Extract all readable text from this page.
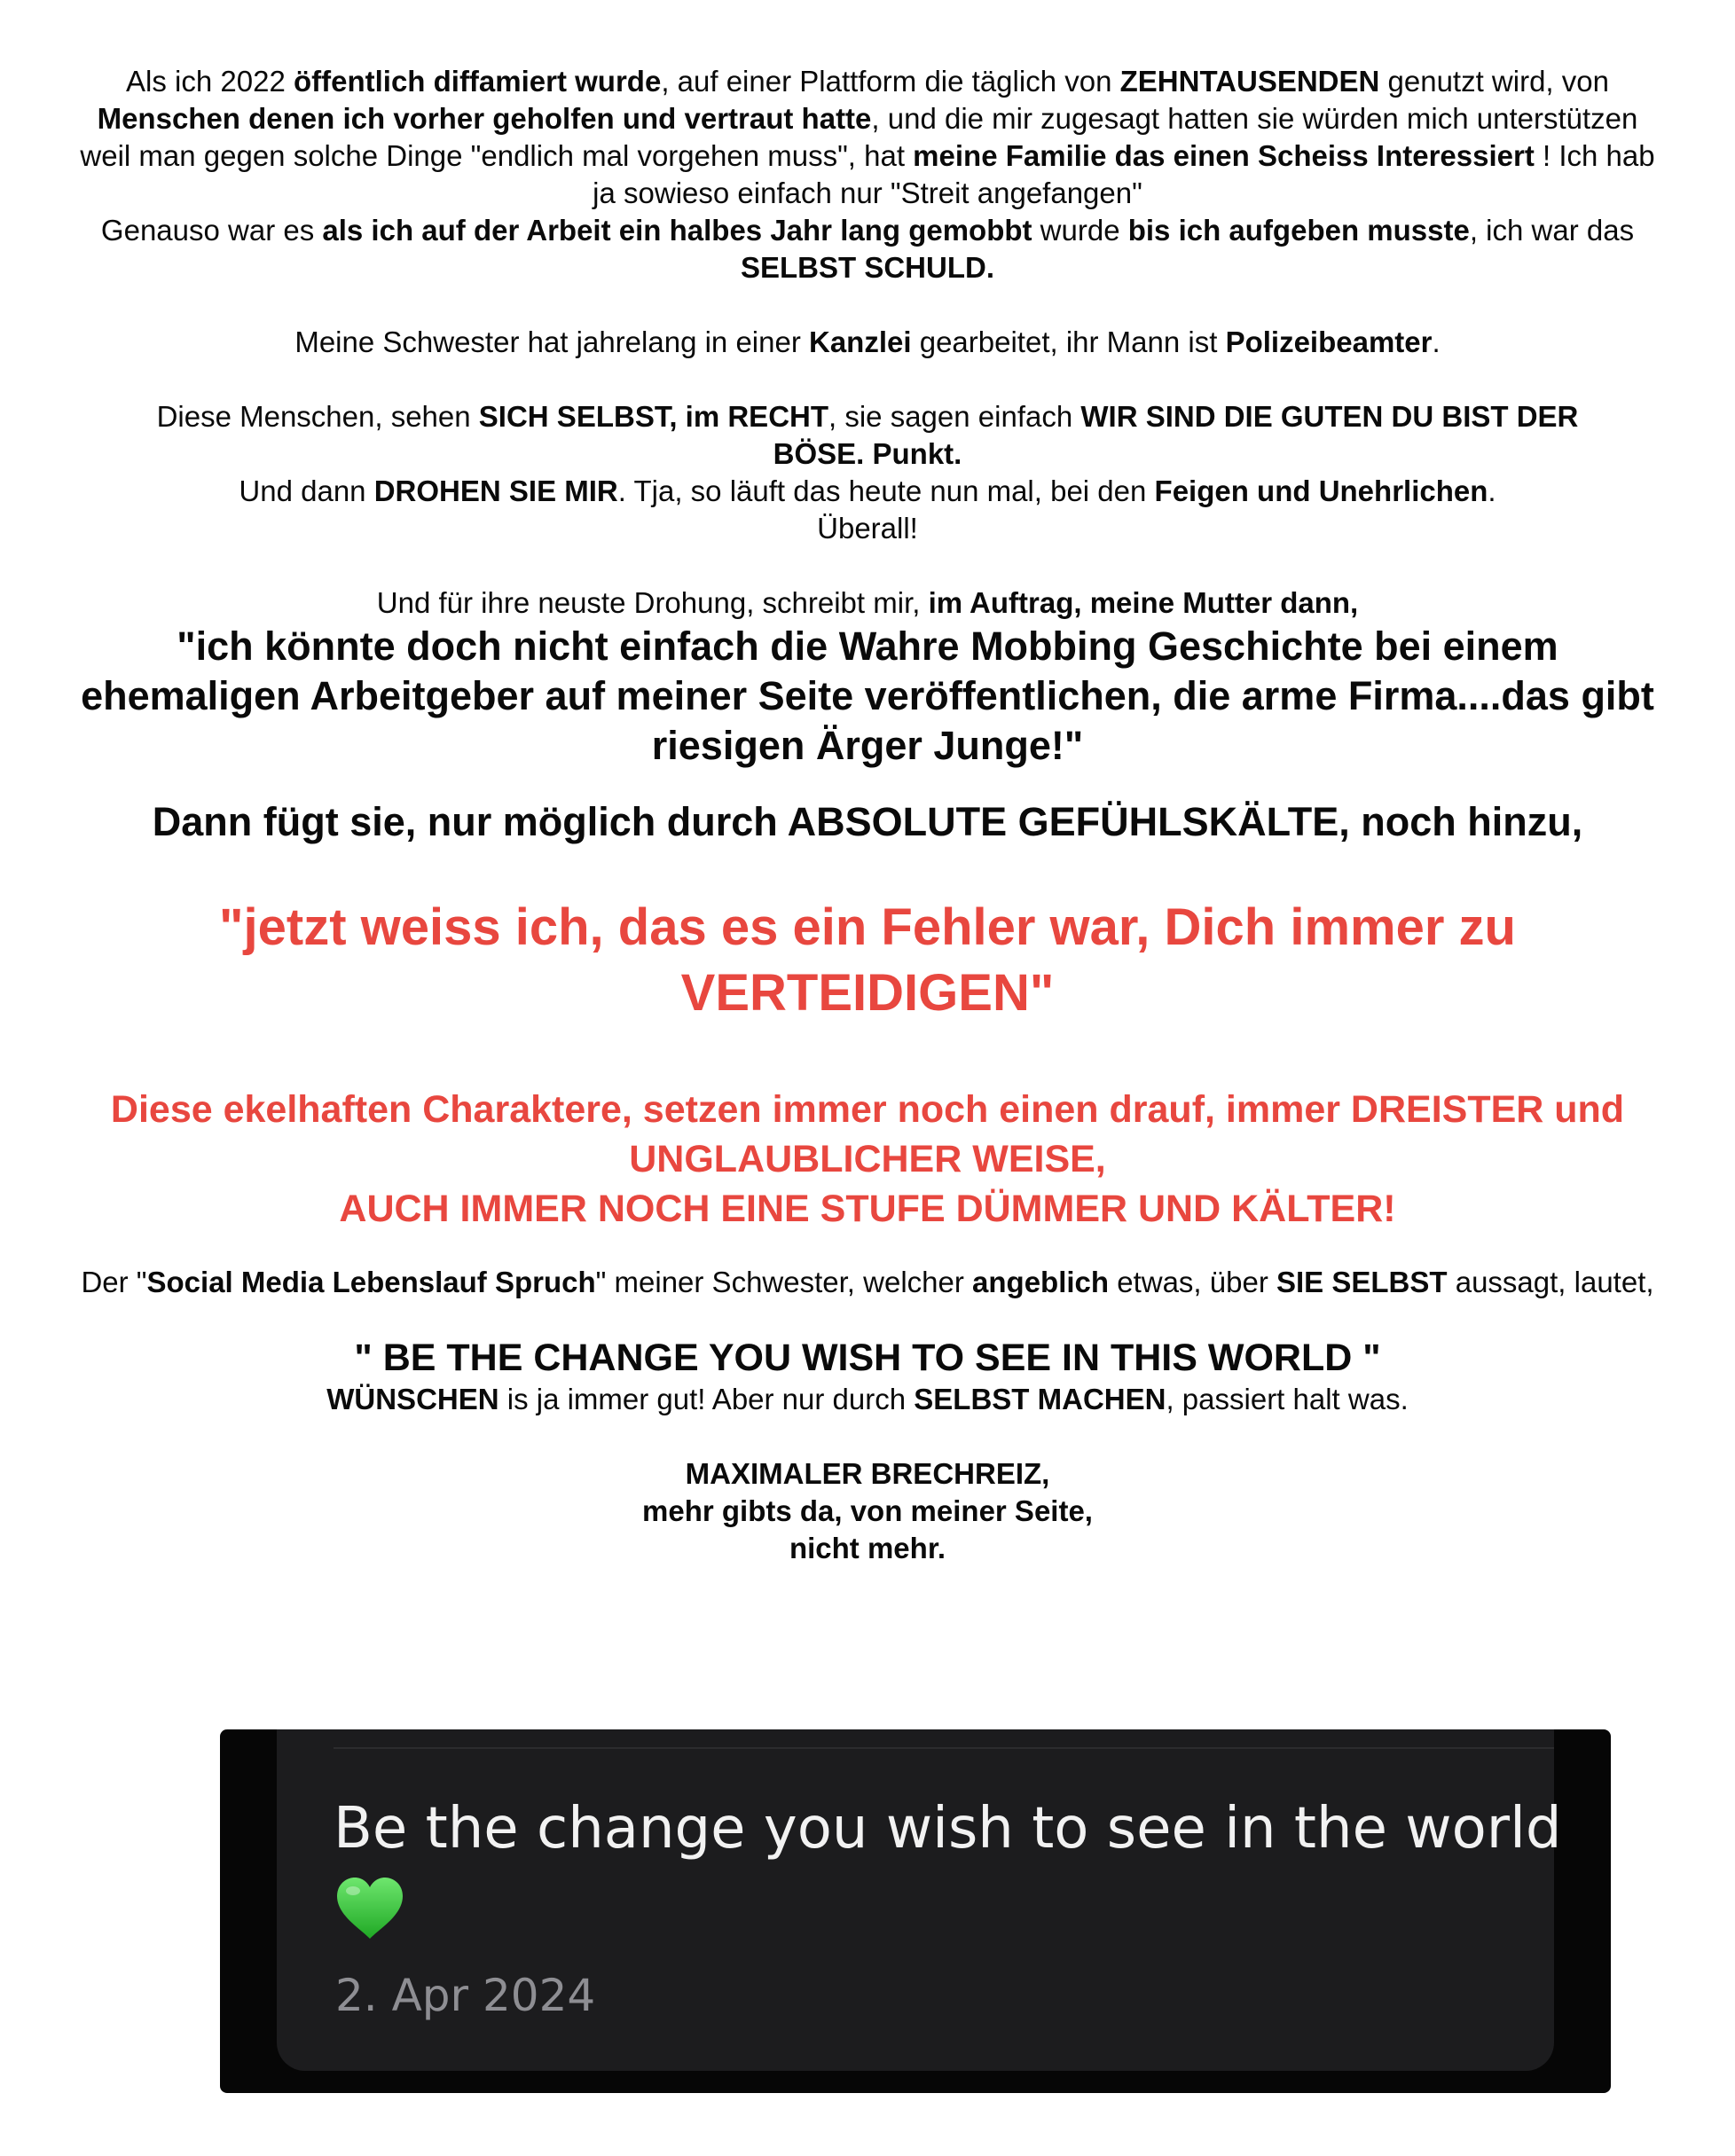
Als ich 2022 öffentlich diffamiert wurde, auf einer Plattform die täglich von ZEHNTAUSENDEN genutzt wird, von Menschen denen ich vorher geholfen und vertraut hatte, und die mir zugesagt hatten sie würden mich unterstützen weil man gegen solche Dinge "endlich mal vorgehen muss", hat meine Familie das einen Scheiss Interessiert ! Ich hab ja sowieso einfach nur "Streit angefangen"

Genauso war es als ich auf der Arbeit ein halbes Jahr lang gemobbt wurde bis ich aufgeben musste, ich war das SELBST SCHULD.

Meine Schwester hat jahrelang in einer Kanzlei gearbeitet, ihr Mann ist Polizeibeamter.

Diese Menschen, sehen SICH SELBST, im RECHT, sie sagen einfach WIR SIND DIE GUTEN DU BIST DER BÖSE. Punkt.

Und dann DROHEN SIE MIR. Tja, so läuft das heute nun mal, bei den Feigen und Unehrlichen.

Überall!

Und für ihre neuste Drohung, schreibt mir, im Auftrag, meine Mutter dann,

"ich könnte doch nicht einfach die Wahre Mobbing Geschichte bei einem ehemaligen Arbeitgeber auf meiner Seite veröffentlichen, die arme Firma....das gibt riesigen Ärger Junge!"

Dann fügt sie, nur möglich durch ABSOLUTE GEFÜHLSKÄLTE, noch hinzu,

"jetzt weiss ich, das es ein Fehler war, Dich immer zu VERTEIDIGEN"

Diese ekelhaften Charaktere, setzen immer noch einen drauf, immer DREISTER und UNGLAUBLICHER WEISE,

AUCH IMMER NOCH EINE STUFE DÜMMER UND KÄLTER!

Der "Social Media Lebenslauf Spruch" meiner Schwester, welcher angeblich etwas, über SIE SELBST aussagt, lautet,

" BE THE CHANGE YOU WISH TO SEE IN THIS WORLD "

WÜNSCHEN is ja immer gut! Aber nur durch SELBST MACHEN, passiert halt was.

MAXIMALER BRECHREIZ,

mehr gibts da, von meiner Seite,

nicht mehr.

Be the change you wish to see in the world
2. Apr 2024
